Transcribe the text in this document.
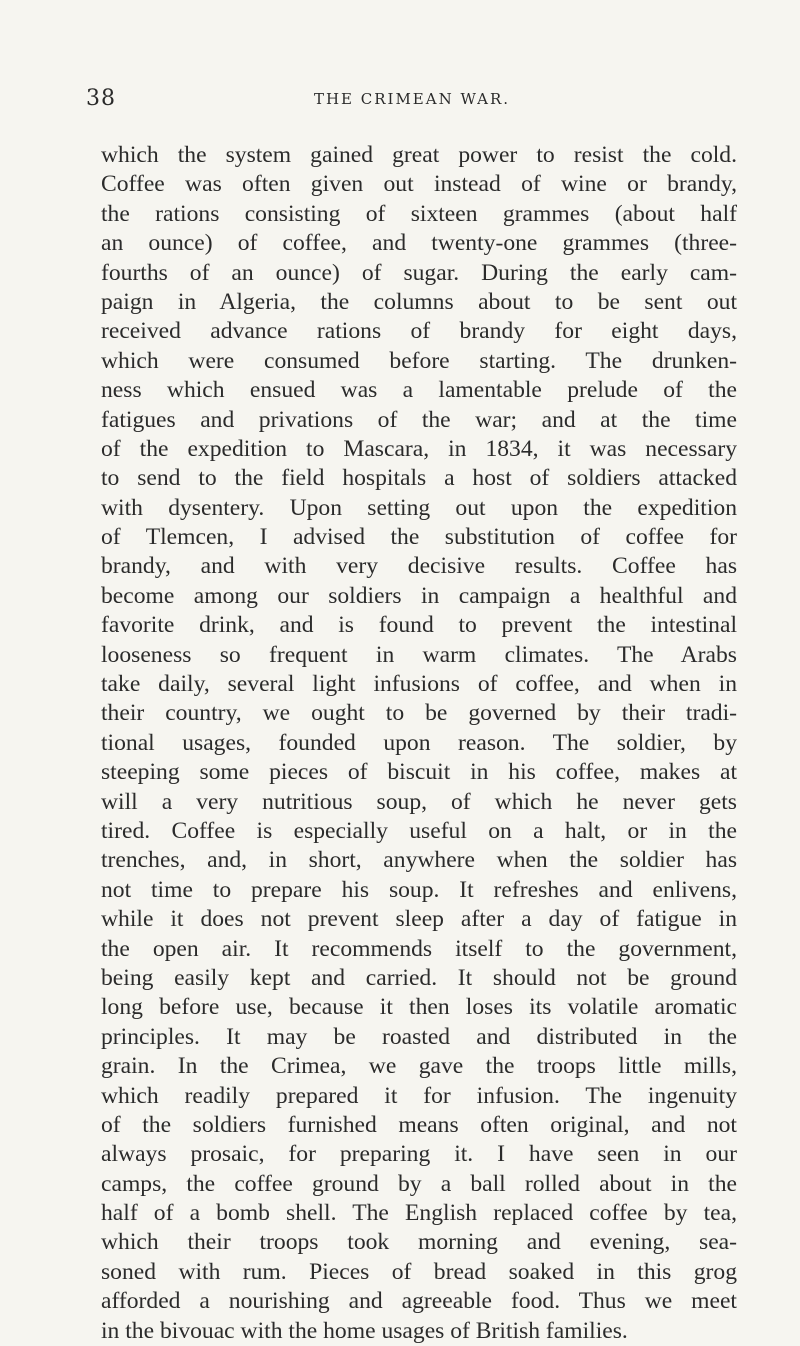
38	THE CRIMEAN WAR.
which the system gained great power to resist the cold.
Coffee was often given out instead of wine or brandy,
the rations consisting of sixteen grammes (about half
an ounce) of coffee, and twenty-one grammes (three-
fourths of an ounce) of sugar. During the early cam-
paign in Algeria, the columns about to be sent out
received advance rations of brandy for eight days,
which were consumed before starting. The drunken-
ness which ensued was a lamentable prelude of the
fatigues and privations of the war; and at the time
of the expedition to Mascara, in 1834, it was necessary
to send to the field hospitals a host of soldiers attacked
with dysentery. Upon setting out upon the expedition
of Tlemcen, I advised the substitution of coffee for
brandy, and with very decisive results. Coffee has
become among our soldiers in campaign a healthful and
favorite drink, and is found to prevent the intestinal
looseness so frequent in warm climates. The Arabs
take daily, several light infusions of coffee, and when in
their country, we ought to be governed by their tradi-
tional usages, founded upon reason. The soldier, by
steeping some pieces of biscuit in his coffee, makes at
will a very nutritious soup, of which he never gets
tired. Coffee is especially useful on a halt, or in the
trenches, and, in short, anywhere when the soldier has
not time to prepare his soup. It refreshes and enlivens,
while it does not prevent sleep after a day of fatigue in
the open air. It recommends itself to the government,
being easily kept and carried. It should not be ground
long before use, because it then loses its volatile aromatic
principles. It may be roasted and distributed in the
grain. In the Crimea, we gave the troops little mills,
which readily prepared it for infusion. The ingenuity
of the soldiers furnished means often original, and not
always prosaic, for preparing it. I have seen in our
camps, the coffee ground by a ball rolled about in the
half of a bomb shell. The English replaced coffee by tea,
which their troops took morning and evening, sea-
soned with rum. Pieces of bread soaked in this grog
afforded a nourishing and agreeable food. Thus we meet
in the bivouac with the home usages of British families.
